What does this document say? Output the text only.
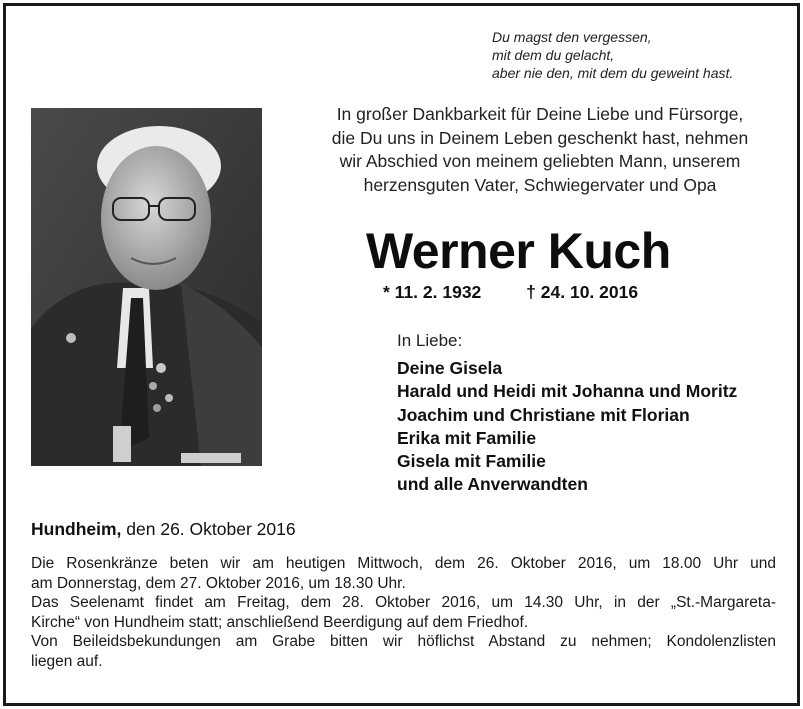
Du magst den vergessen,
mit dem du gelacht,
aber nie den, mit dem du geweint hast.
In großer Dankbarkeit für Deine Liebe und Fürsorge,
die Du uns in Deinem Leben geschenkt hast, nehmen
wir Abschied von meinem geliebten Mann, unserem
herzensguten Vater, Schwiegervater und Opa
Werner Kuch
* 11. 2. 1932	† 24. 10. 2016
In Liebe:
Deine Gisela
Harald und Heidi mit Johanna und Moritz
Joachim und Christiane mit Florian
Erika mit Familie
Gisela mit Familie
und alle Anverwandten
Hundheim, den 26. Oktober 2016
Die Rosenkränze beten wir am heutigen Mittwoch, dem 26. Oktober 2016, um 18.00 Uhr und
am Donnerstag, dem 27. Oktober 2016, um 18.30 Uhr.
Das Seelenamt findet am Freitag, dem 28. Oktober 2016, um 14.30 Uhr, in der „St.-Margareta-
Kirche“ von Hundheim statt; anschließend Beerdigung auf dem Friedhof.
Von Beileidsbekundungen am Grabe bitten wir höflichst Abstand zu nehmen; Kondolenzlisten
liegen auf.
